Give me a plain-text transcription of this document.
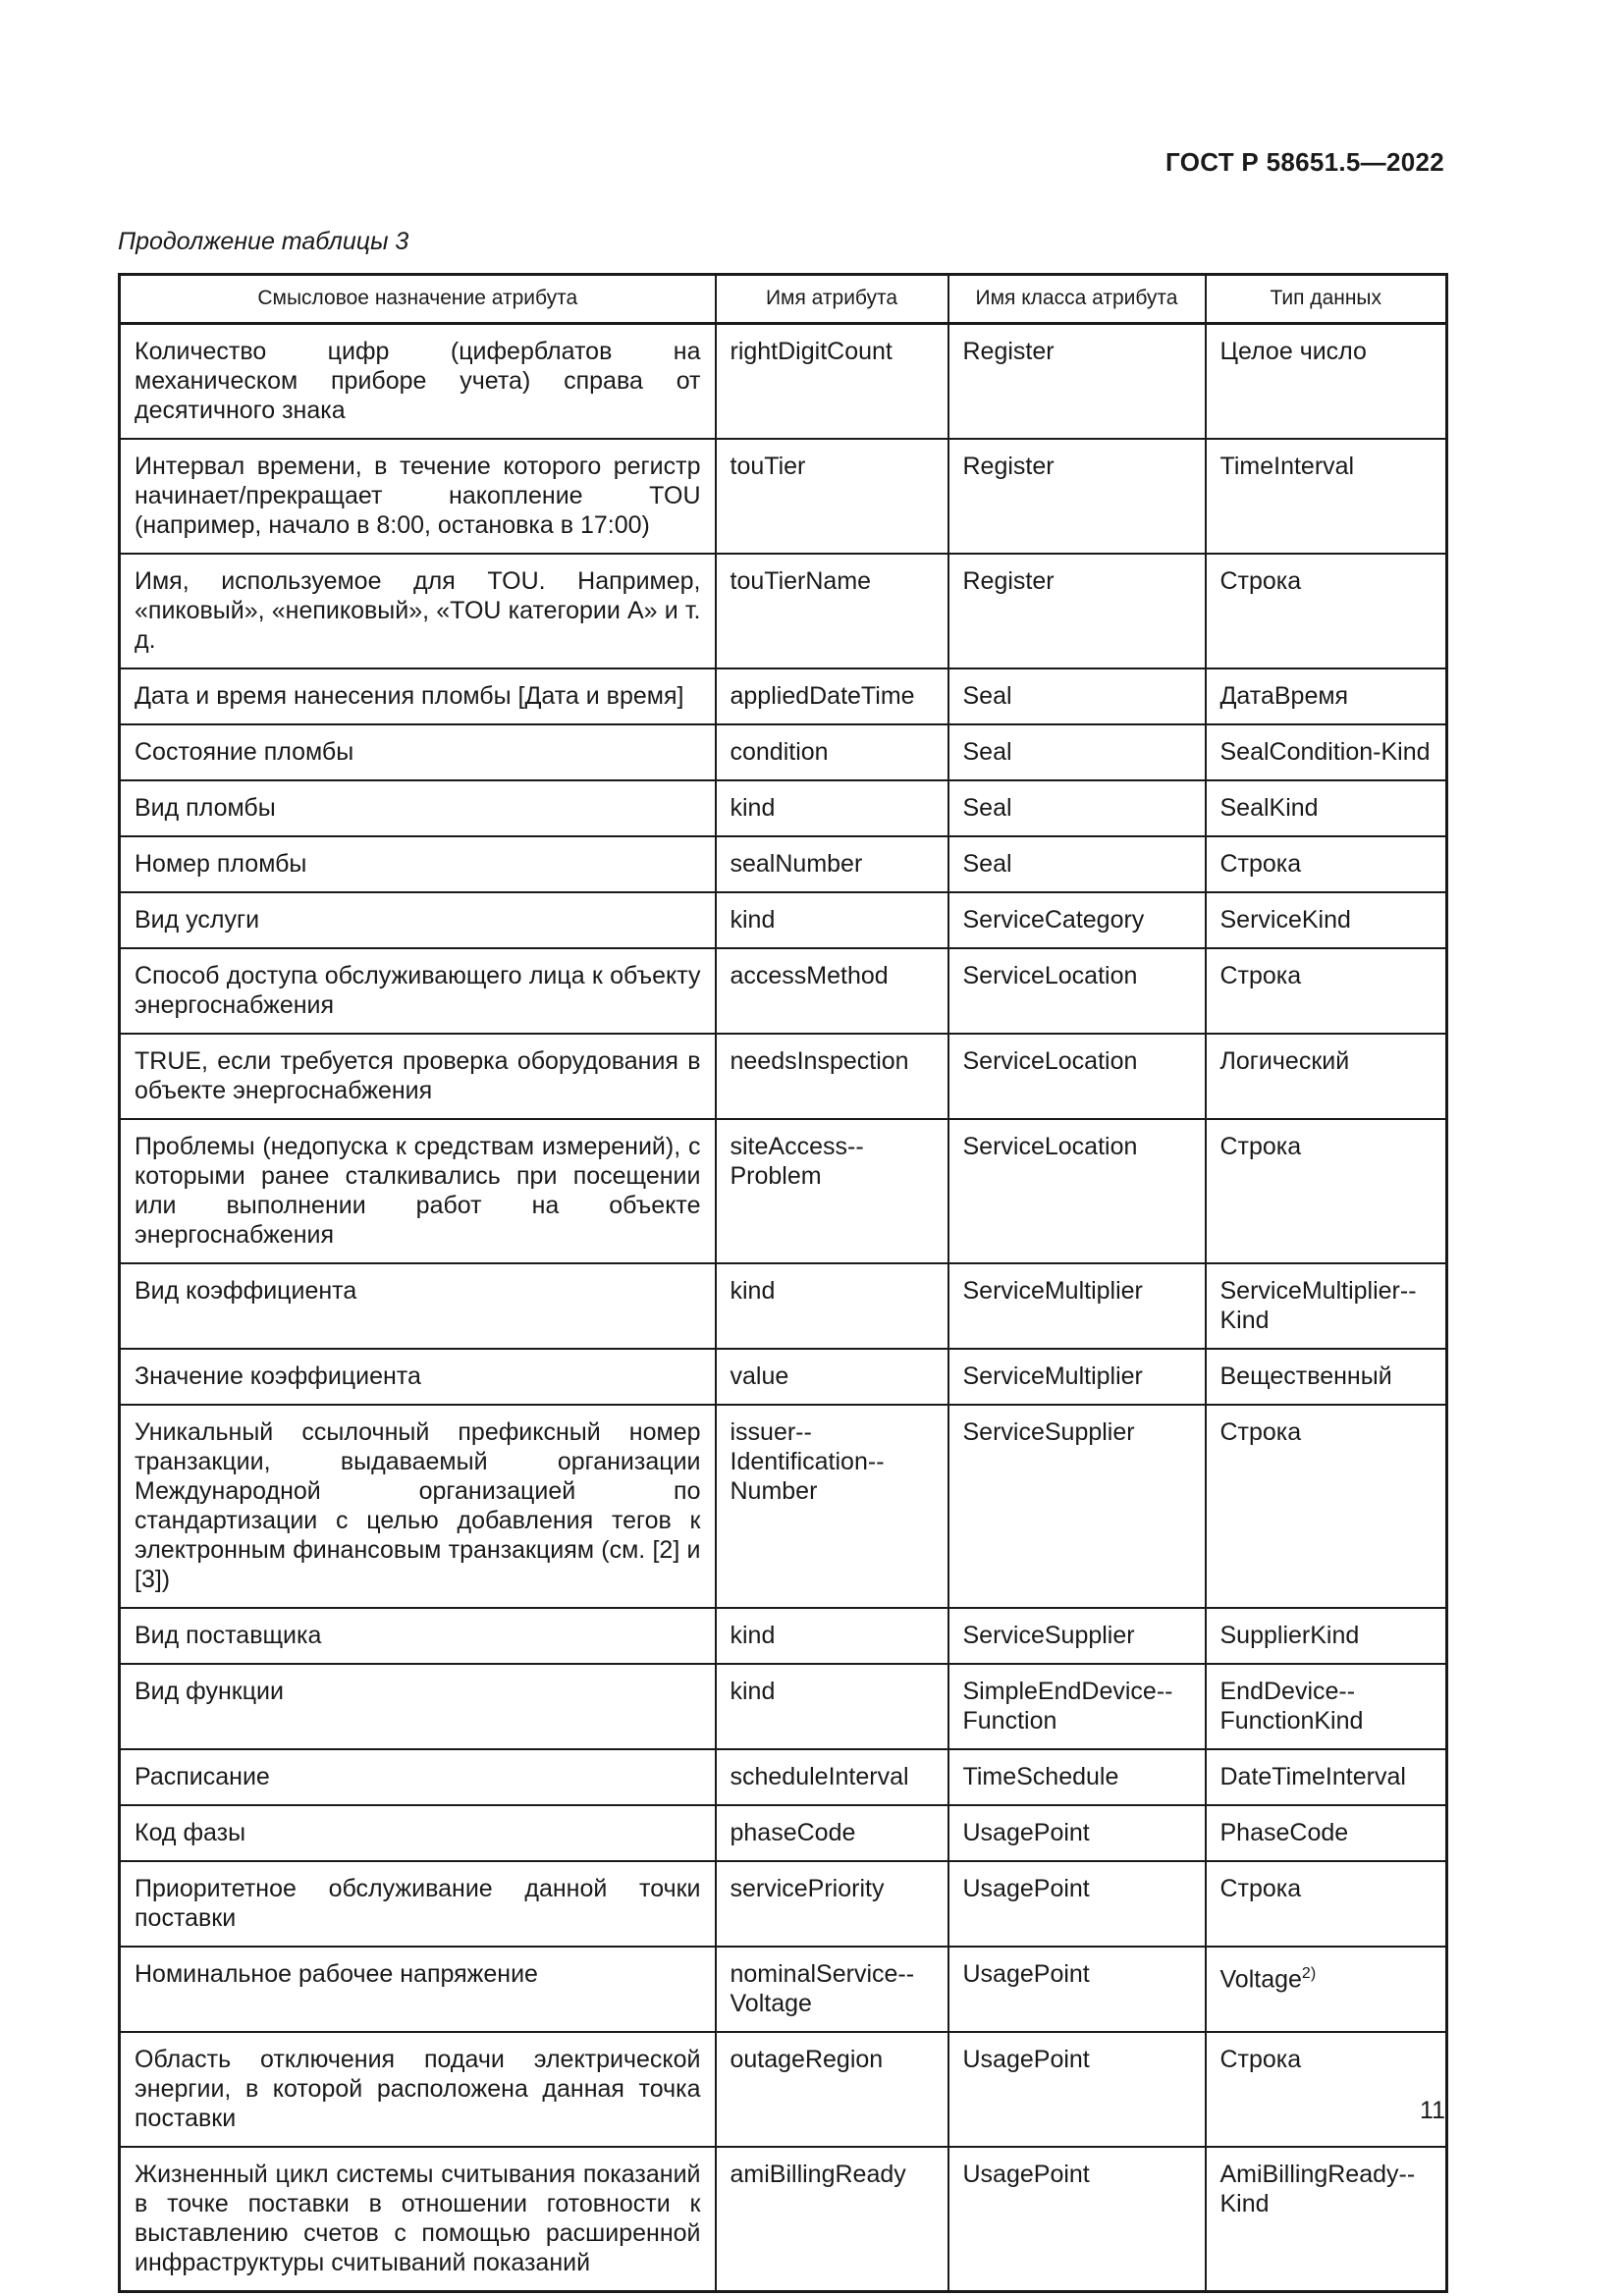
ГОСТ Р 58651.5—2022
Продолжение таблицы 3
Смысловое назначение атрибута	Имя атрибута	Имя класса атрибута	Тип данных
Количество цифр (циферблатов на механическом приборе учета) справа от десятичного знака	rightDigitCount	Register	Целое число
Интервал времени, в течение которого регистр начинает/прекращает накопление TOU (например, начало в 8:00, остановка в 17:00)	touTier	Register	TimeInterval
Имя, используемое для TOU. Например, «пиковый», «непиковый», «TOU категории A» и т. д.	touTierName	Register	Строка
Дата и время нанесения пломбы [Дата и время]	appliedDateTime	Seal	ДатаВремя
Состояние пломбы	condition	Seal	SealCondition-Kind
Вид пломбы	kind	Seal	SealKind
Номер пломбы	sealNumber	Seal	Строка
Вид услуги	kind	ServiceCategory	ServiceKind
Способ доступа обслуживающего лица к объекту энергоснабжения	accessMethod	ServiceLocation	Строка
TRUE, если требуется проверка оборудования в объекте энергоснабжения	needsInspection	ServiceLocation	Логический
Проблемы (недопуска к средствам измерений), с которыми ранее сталкивались при посещении или выполнении работ на объекте энергоснабжения	siteAccess-Problem	ServiceLocation	Строка
Вид коэффициента	kind	ServiceMultiplier	ServiceMultiplier-Kind
Значение коэффициента	value	ServiceMultiplier	Вещественный
Уникальный ссылочный префиксный номер транзакции, выдаваемый организации Международной организацией по стандартизации с целью добавления тегов к электронным финансовым транзакциям (см. [2] и [3])	issuer-Identification-Number	ServiceSupplier	Строка
Вид поставщика	kind	ServiceSupplier	SupplierKind
Вид функции	kind	SimpleEndDevice-Function	EndDevice-FunctionKind
Расписание	scheduleInterval	TimeSchedule	DateTimeInterval
Код фазы	phaseCode	UsagePoint	PhaseCode
Приоритетное обслуживание данной точки поставки	servicePriority	UsagePoint	Строка
Номинальное рабочее напряжение	nominalService-Voltage	UsagePoint	Voltage$^{2)}$
Область отключения подачи электрической энергии, в которой расположена данная точка поставки	outageRegion	UsagePoint	Строка
Жизненный цикл системы считывания показаний в точке поставки в отношении готовности к выставлению счетов с помощью расширенной инфраструктуры считываний показаний	amiBillingReady	UsagePoint	AmiBillingReady-Kind
11
